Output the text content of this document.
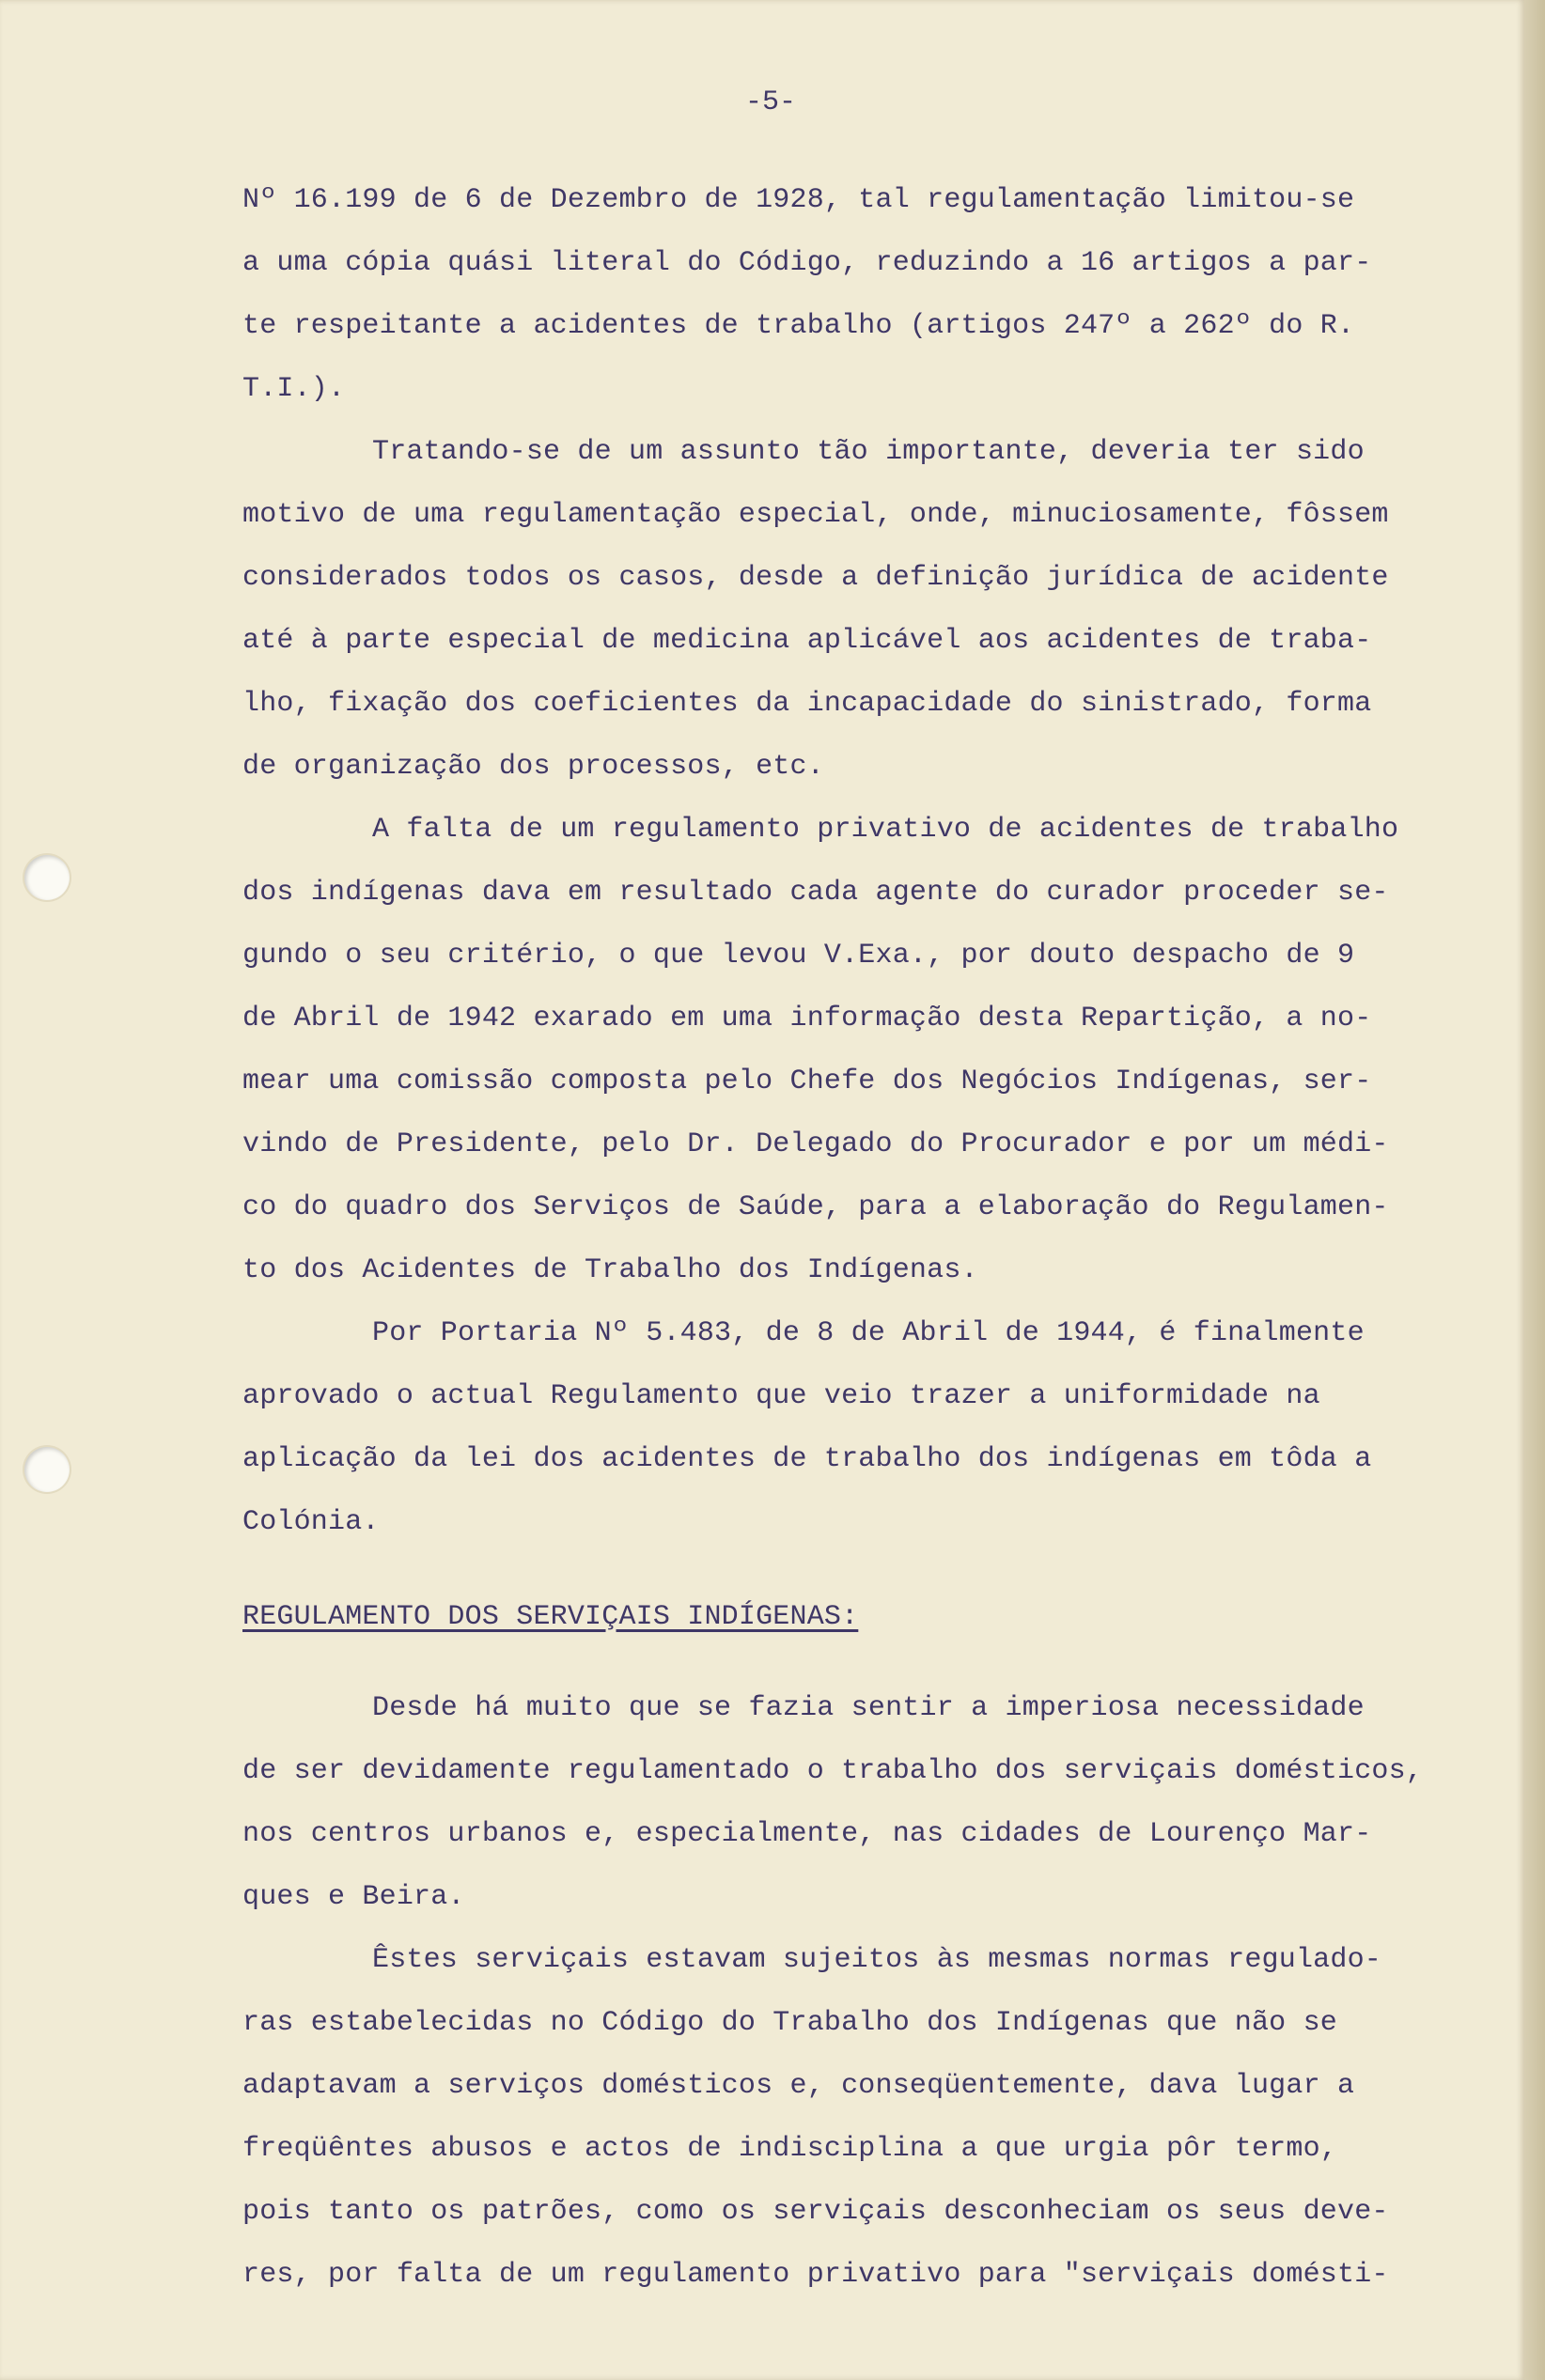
-5-
Nº 16.199 de 6 de Dezembro de 1928, tal regulamentação limitou-se
a uma cópia quási literal do Código, reduzindo a 16 artigos a par-
te respeitante a acidentes de trabalho (artigos 247º a 262º do R.
T.I.).
Tratando-se de um assunto tão importante, deveria ter sido
motivo de uma regulamentação especial, onde, minuciosamente, fôssem
considerados todos os casos, desde a definição jurídica de acidente
até à parte especial de medicina aplicável aos acidentes de traba-
lho, fixação dos coeficientes da incapacidade do sinistrado, forma
de organização dos processos, etc.
A falta de um regulamento privativo de acidentes de trabalho
dos indígenas dava em resultado cada agente do curador proceder se-
gundo o seu critério, o que levou V.Exa., por douto despacho de 9
de Abril de 1942 exarado em uma informação desta Repartição, a no-
mear uma comissão composta pelo Chefe dos Negócios Indígenas, ser-
vindo de Presidente, pelo Dr. Delegado do Procurador e por um médi-
co do quadro dos Serviços de Saúde, para a elaboração do Regulamen-
to dos Acidentes de Trabalho dos Indígenas.
Por Portaria Nº 5.483, de 8 de Abril de 1944, é finalmente
aprovado o actual Regulamento que veio trazer a uniformidade na
aplicação da lei dos acidentes de trabalho dos indígenas em tôda a
Colónia.
REGULAMENTO DOS SERVIÇAIS INDÍGENAS:
Desde há muito que se fazia sentir a imperiosa necessidade
de ser devidamente regulamentado o trabalho dos serviçais domésticos,
nos centros urbanos e, especialmente, nas cidades de Lourenço Mar-
ques e Beira.
Êstes serviçais estavam sujeitos às mesmas normas regulado-
ras estabelecidas no Código do Trabalho dos Indígenas que não se
adaptavam a serviços domésticos e, conseqüentemente, dava lugar a
freqüêntes abusos e actos de indisciplina a que urgia pôr termo,
pois tanto os patrões, como os serviçais desconheciam os seus deve-
res, por falta de um regulamento privativo para "serviçais domésti-
